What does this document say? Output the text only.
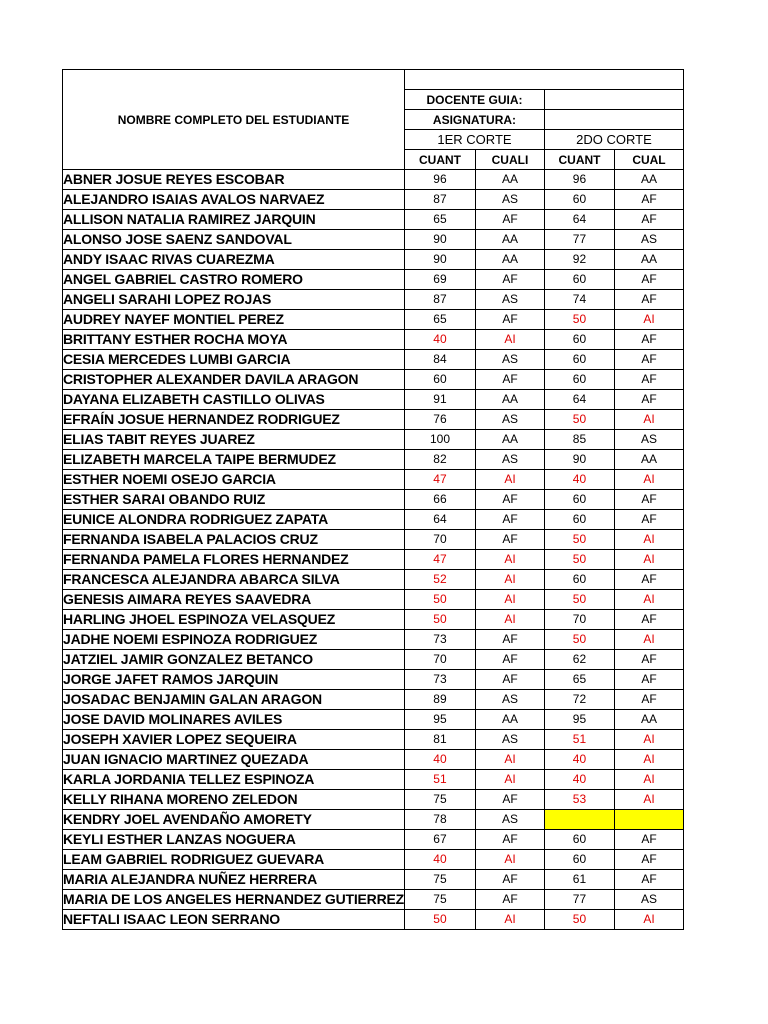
NOMBRE COMPLETO DEL ESTUDIANTE				
	DOCENTE GUIA:			
	ASIGNATURA:			
	1ER CORTE		2DO CORTE	
	CUANT	CUALI	CUANT	CUAL
ABNER JOSUE REYES ESCOBAR	96	AA	96	AA
ALEJANDRO ISAIAS AVALOS NARVAEZ	87	AS	60	AF
ALLISON NATALIA RAMIREZ JARQUIN	65	AF	64	AF
ALONSO JOSE SAENZ SANDOVAL	90	AA	77	AS
ANDY ISAAC RIVAS CUAREZMA	90	AA	92	AA
ANGEL GABRIEL CASTRO ROMERO	69	AF	60	AF
ANGELI SARAHI LOPEZ ROJAS	87	AS	74	AF
AUDREY NAYEF MONTIEL PEREZ	65	AF	50	AI
BRITTANY ESTHER ROCHA MOYA	40	AI	60	AF
CESIA MERCEDES LUMBI GARCIA	84	AS	60	AF
CRISTOPHER ALEXANDER DAVILA ARAGON	60	AF	60	AF
DAYANA ELIZABETH CASTILLO OLIVAS	91	AA	64	AF
EFRAÍN JOSUE HERNANDEZ RODRIGUEZ	76	AS	50	AI
ELIAS TABIT REYES JUAREZ	100	AA	85	AS
ELIZABETH MARCELA TAIPE BERMUDEZ	82	AS	90	AA
ESTHER NOEMI OSEJO GARCIA	47	AI	40	AI
ESTHER SARAI OBANDO RUIZ	66	AF	60	AF
EUNICE ALONDRA RODRIGUEZ ZAPATA	64	AF	60	AF
FERNANDA ISABELA PALACIOS CRUZ	70	AF	50	AI
FERNANDA PAMELA FLORES HERNANDEZ	47	AI	50	AI
FRANCESCA ALEJANDRA ABARCA SILVA	52	AI	60	AF
GENESIS AIMARA REYES SAAVEDRA	50	AI	50	AI
HARLING JHOEL ESPINOZA VELASQUEZ	50	AI	70	AF
JADHE NOEMI ESPINOZA RODRIGUEZ	73	AF	50	AI
JATZIEL JAMIR GONZALEZ BETANCO	70	AF	62	AF
JORGE JAFET RAMOS JARQUIN	73	AF	65	AF
JOSADAC BENJAMIN GALAN ARAGON	89	AS	72	AF
JOSE DAVID MOLINARES AVILES	95	AA	95	AA
JOSEPH XAVIER LOPEZ SEQUEIRA	81	AS	51	AI
JUAN IGNACIO MARTINEZ QUEZADA	40	AI	40	AI
KARLA JORDANIA TELLEZ ESPINOZA	51	AI	40	AI
KELLY RIHANA MORENO ZELEDON	75	AF	53	AI
KENDRY JOEL AVENDAÑO AMORETY	78	AS		
KEYLI ESTHER LANZAS NOGUERA	67	AF	60	AF
LEAM GABRIEL RODRIGUEZ GUEVARA	40	AI	60	AF
MARIA ALEJANDRA NUÑEZ HERRERA	75	AF	61	AF
MARIA DE LOS ANGELES HERNANDEZ GUTIERREZ	75	AF	77	AS
NEFTALI ISAAC LEON SERRANO	50	AI	50	AI
